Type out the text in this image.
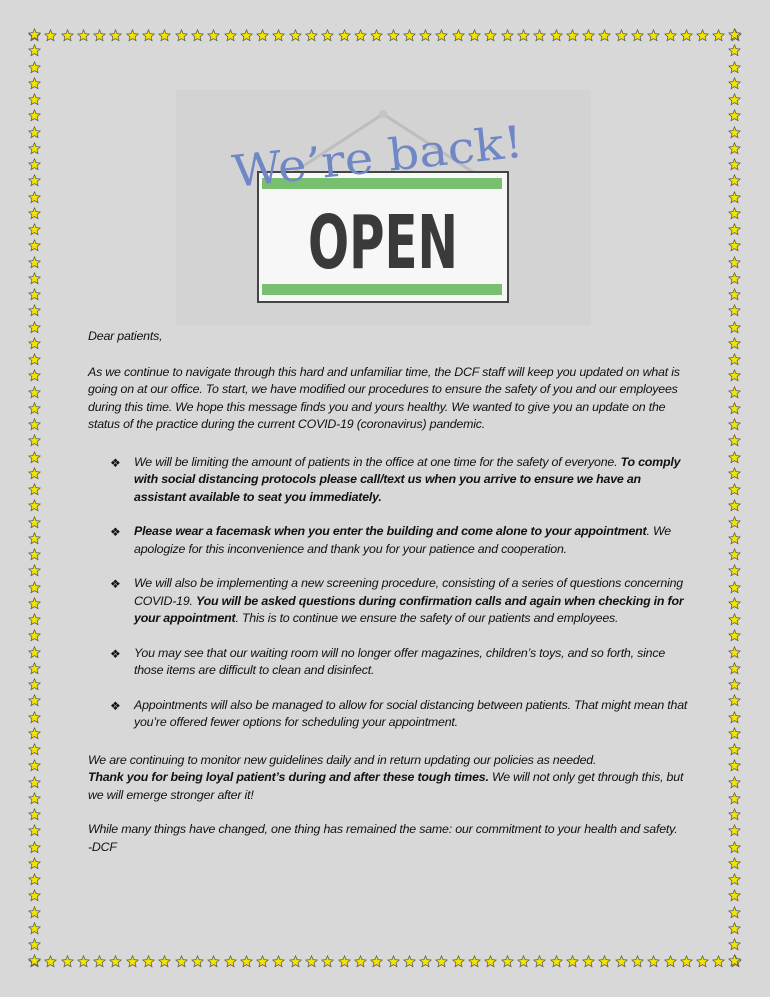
OPEN
We’re back!

Dear patients,

As we continue to navigate through this hard and unfamiliar time, the DCF staff will keep you updated on what is going on at our office. To start, we have modified our procedures to ensure the safety of you and our employees during this time. We hope this message finds you and yours healthy. We wanted to give you an update on the status of the practice during the current COVID-19 (coronavirus) pandemic.

❖ We will be limiting the amount of patients in the office at one time for the safety of everyone. To comply with social distancing protocols please call/text us when you arrive to ensure we have an assistant available to seat you immediately.
❖ Please wear a facemask when you enter the building and come alone to your appointment. We apologize for this inconvenience and thank you for your patience and cooperation.
❖ We will also be implementing a new screening procedure, consisting of a series of questions concerning COVID-19. You will be asked questions during confirmation calls and again when checking in for your appointment. This is to continue we ensure the safety of our patients and employees.
❖ You may see that our waiting room will no longer offer magazines, children’s toys, and so forth, since those items are difficult to clean and disinfect.
❖ Appointments will also be managed to allow for social distancing between patients. That might mean that you’re offered fewer options for scheduling your appointment.

We are continuing to monitor new guidelines daily and in return updating our policies as needed.

Thank you for being loyal patient’s during and after these tough times. We will not only get through this, but we will emerge stronger after it!

While many things have changed, one thing has remained the same: our commitment to your health and safety.

-DCF
